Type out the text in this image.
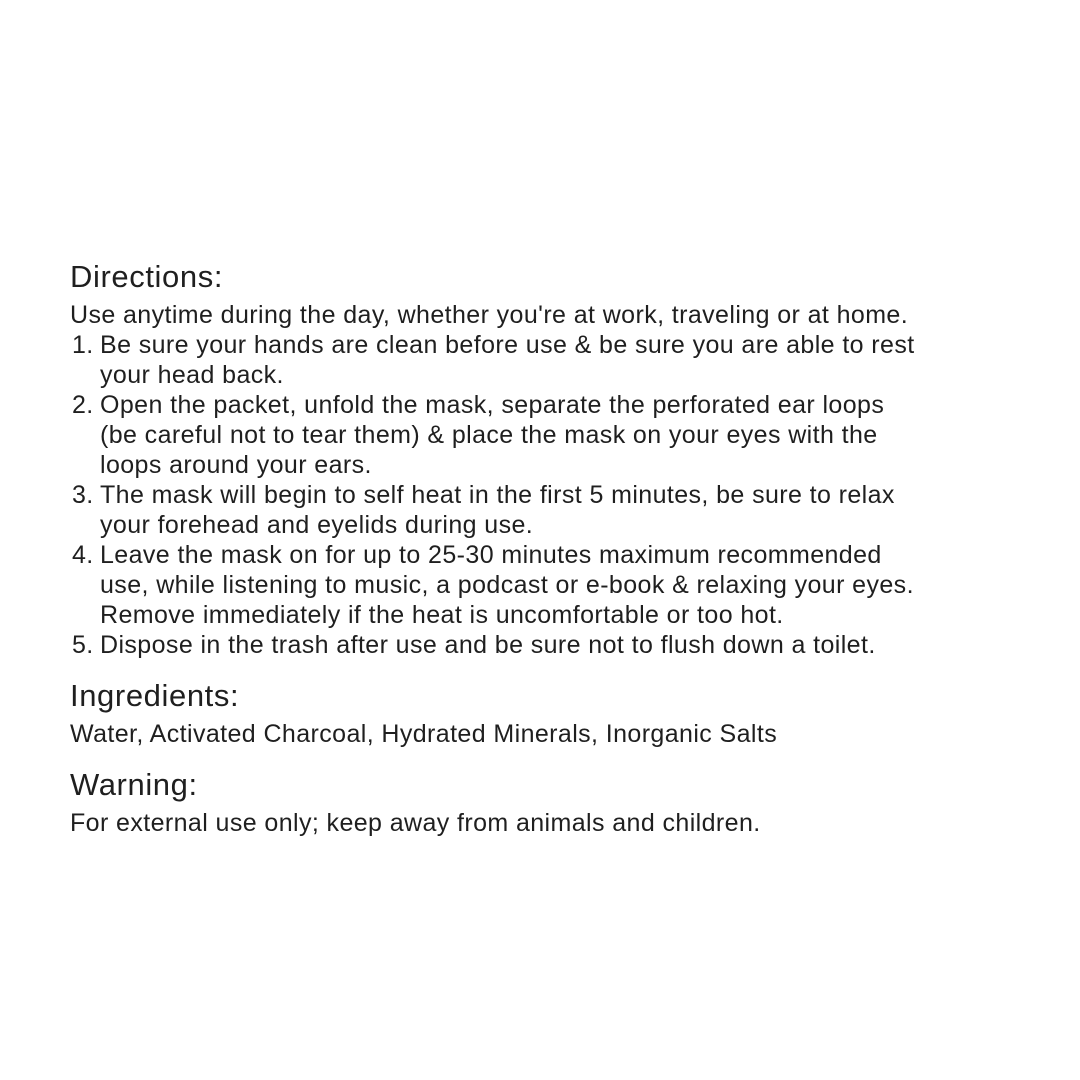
Directions:

Use anytime during the day, whether you're at work, traveling or at home.

1. Be sure your hands are clean before use & be sure you are able to rest
your head back.
2. Open the packet, unfold the mask, separate the perforated ear loops
(be careful not to tear them) & place the mask on your eyes with the
loops around your ears.
3. The mask will begin to self heat in the first 5 minutes, be sure to relax
your forehead and eyelids during use.
4. Leave the mask on for up to 25-30 minutes maximum recommended
use, while listening to music, a podcast or e-book & relaxing your eyes.
Remove immediately if the heat is uncomfortable or too hot.
5. Dispose in the trash after use and be sure not to flush down a toilet.
Ingredients:

Water, Activated Charcoal, Hydrated Minerals, Inorganic Salts

Warning:

For external use only; keep away from animals and children.
